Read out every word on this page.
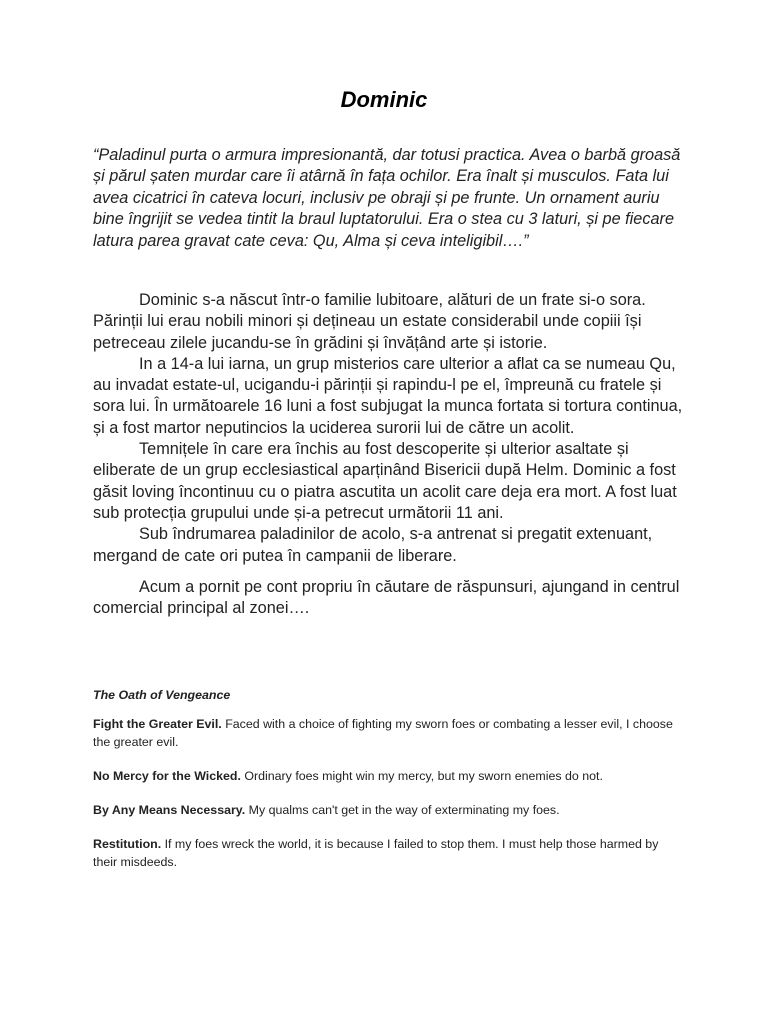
Dominic

“Paladinul purta o armura impresionantă, dar totusi practica. Avea o barbă groasă și părul șaten murdar care îi atârnă în fața ochilor. Era înalt și musculos. Fata lui avea cicatrici în cateva locuri, inclusiv pe obraji și pe frunte. Un ornament auriu bine îngrijit se vedea tintit la braul luptatorului. Era o stea cu 3 laturi, și pe fiecare latura parea gravat cate ceva: Qu, Alma și ceva inteligibil….”

Dominic s-a născut într-o familie lubitoare, alături de un frate si-o sora. Părinții lui erau nobili minori și dețineau un estate considerabil unde copiii își petreceau zilele jucandu-se în grădini și învățând arte și istorie.

In a 14-a lui iarna, un grup misterios care ulterior a aflat ca se numeau Qu, au invadat estate-ul, ucigandu-i părinții și rapindu-l pe el, împreună cu fratele și sora lui. În următoarele 16 luni a fost subjugat la munca fortata si tortura continua, și a fost martor neputincios la uciderea surorii lui de către un acolit.

Temnițele în care era închis au fost descoperite și ulterior asaltate și eliberate de un grup ecclesiastical aparținând Bisericii după Helm. Dominic a fost găsit loving încontinuu cu o piatra ascutita un acolit care deja era mort. A fost luat sub protecția grupului unde și-a petrecut următorii 11 ani.

Sub îndrumarea paladinilor de acolo, s-a antrenat si pregatit extenuant, mergand de cate ori putea în campanii de liberare.

Acum a pornit pe cont propriu în căutare de răspunsuri, ajungand in centrul comercial principal al zonei….

The Oath of Vengeance

Fight the Greater Evil. Faced with a choice of fighting my sworn foes or combating a lesser evil, I choose the greater evil.

No Mercy for the Wicked. Ordinary foes might win my mercy, but my sworn enemies do not.

By Any Means Necessary. My qualms can't get in the way of exterminating my foes.

Restitution. If my foes wreck the world, it is because I failed to stop them. I must help those harmed by their misdeeds.
